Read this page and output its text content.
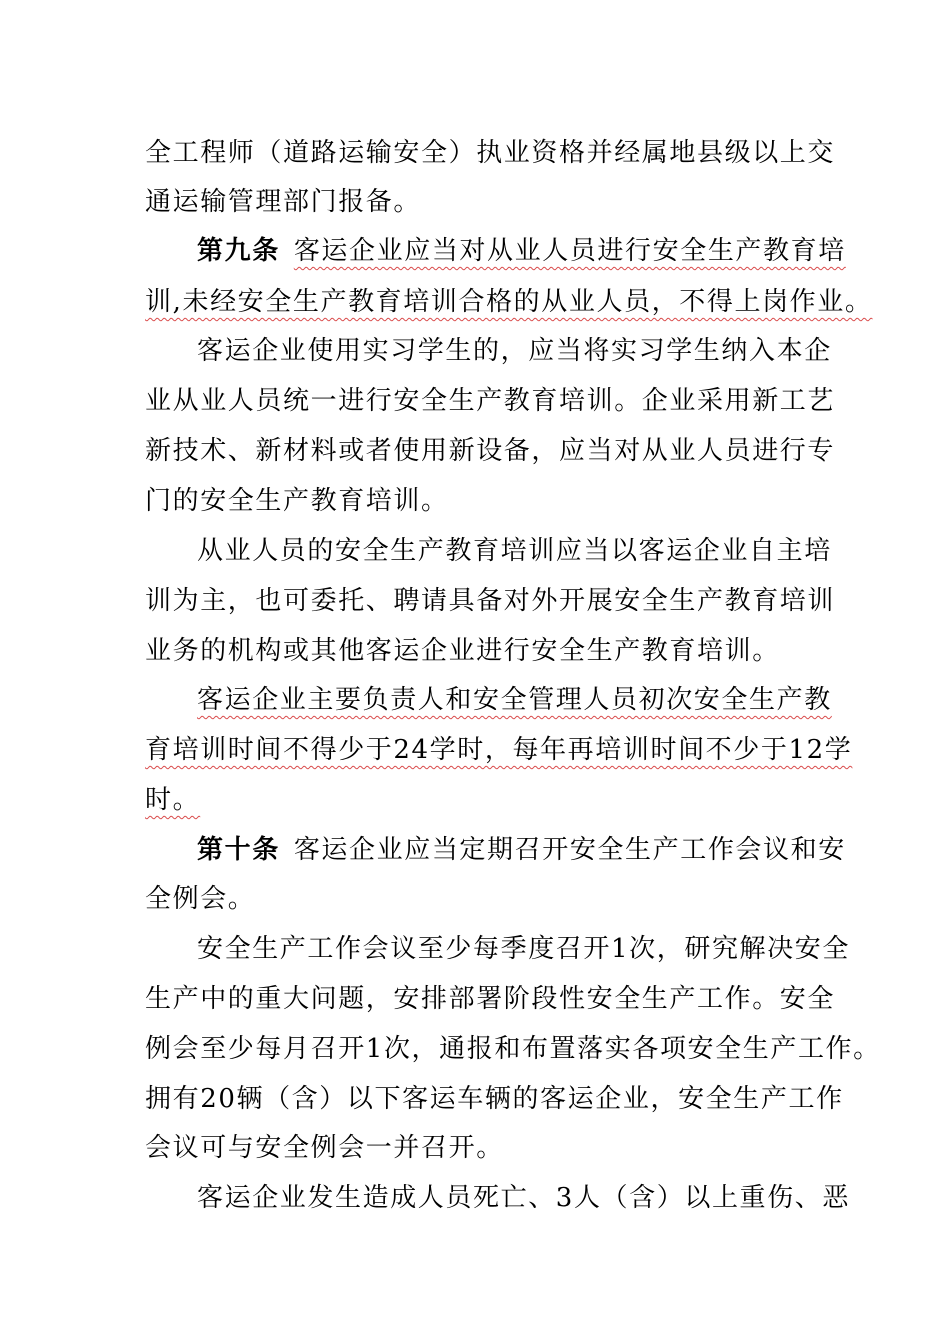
全工程师（道路运输安全）执业资格并经属地县级以上交
通运输管理部门报备。
第九条 客运企业应当对从业人员进行安全生产教育培
训,未经安全生产教育培训合格的从业人员，不得上岗作业。
客运企业使用实习学生的，应当将实习学生纳入本企
业从业人员统一进行安全生产教育培训。企业采用新工艺
新技术、新材料或者使用新设备，应当对从业人员进行专
门的安全生产教育培训。
从业人员的安全生产教育培训应当以客运企业自主培
训为主，也可委托、聘请具备对外开展安全生产教育培训
业务的机构或其他客运企业进行安全生产教育培训。
客运企业主要负责人和安全管理人员初次安全生产教
育培训时间不得少于24学时，每年再培训时间不少于12学
时。
第十条 客运企业应当定期召开安全生产工作会议和安
全例会。
安全生产工作会议至少每季度召开1次，研究解决安全
生产中的重大问题，安排部署阶段性安全生产工作。安全
例会至少每月召开1次，通报和布置落实各项安全生产工作。
拥有20辆（含）以下客运车辆的客运企业，安全生产工作
会议可与安全例会一并召开。
客运企业发生造成人员死亡、3人（含）以上重伤、恶
